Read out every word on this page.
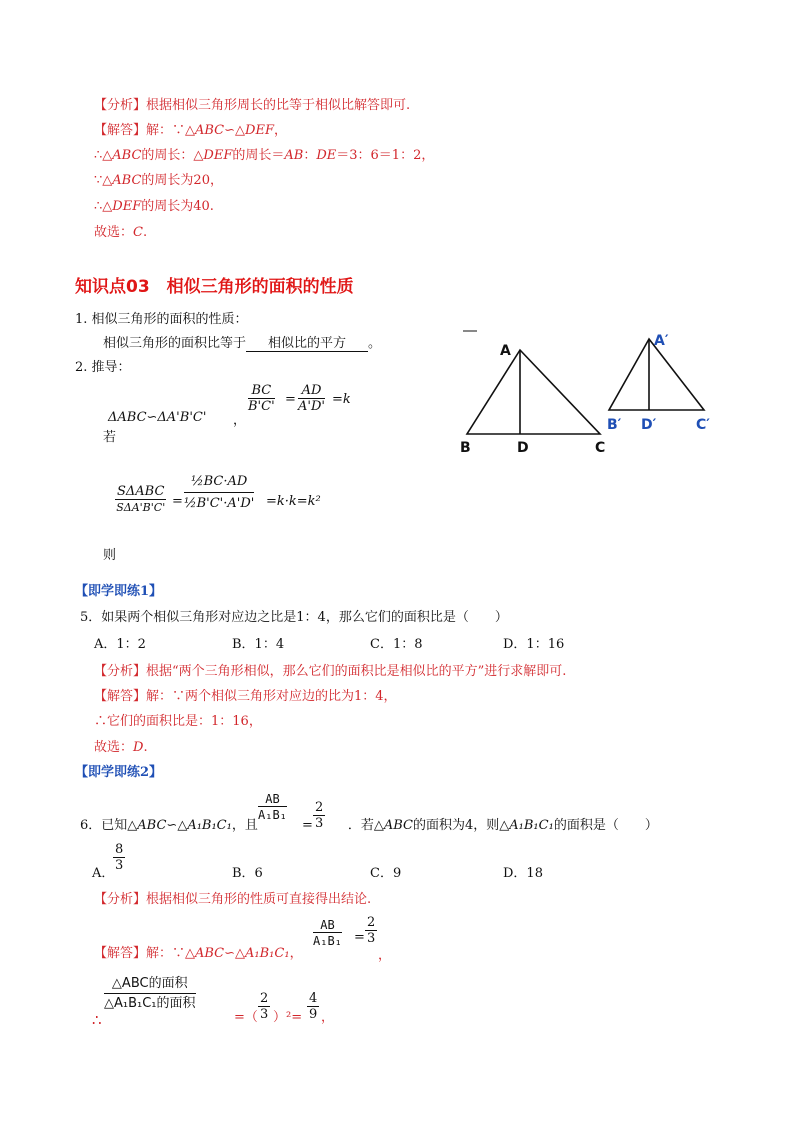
【分析】根据相似三角形周长的比等于相似比解答即可.
【解答】解：∵△ABC∽△DEF，
∴△ABC的周长：△DEF的周长＝AB：DE＝3：6＝1：2，
∵△ABC的周长为20，
∴△DEF的周长为40.
故选：C.
知识点03　相似三角形的面积的性质
1. 相似三角形的面积的性质：
相似三角形的面积比等于 相似比的平方 。
2. 推导：
ΔABC∽ΔA'B'C' ，
$\frac{BC}{B'C'} = \frac{AD}{A'D'} =k$
若
SΔABC
$S\Delta A'B'C' = \frac{\text{½BC·AD}}{\text{½B'C'·A'D'}} =k\cdot k=k^2$
则
A
B	D	C
A′
B′ D′	C′
【即学即练1】
5．如果两个相似三角形对应边之比是1：4，那么它们的面积比是（　　）
A．1：2	B．1：4	C．1：8	D．1：16
【分析】根据“两个三角形相似，那么它们的面积比是相似比的平方”进行求解即可.
【解答】解：∵两个相似三角形对应边的比为1：4，
∴它们的面积比是：1：16，
故选：D.
【即学即练2】
6．已知△ABC∽△A₁B₁C₁，且	．若△ABC的面积为4，则△A₁B₁C₁的面积是（　　）
$\frac{AB}{\text{A₁B₁}}$
= $\frac{2}{3}$
A．
$\frac{8}{3}$
B．6	C．9	D．18
【分析】根据相似三角形的性质可直接得出结论.
【解答】解：∵△ABC∽△A₁B₁C₁，
$\frac{AB}{\text{A₁B₁}} = \frac{2}{3}$
，
∴
△ABC的面积
△A₁B₁C₁的面积
=（ $\frac{2}{3} )^2= \frac{4}{9}$ ，
